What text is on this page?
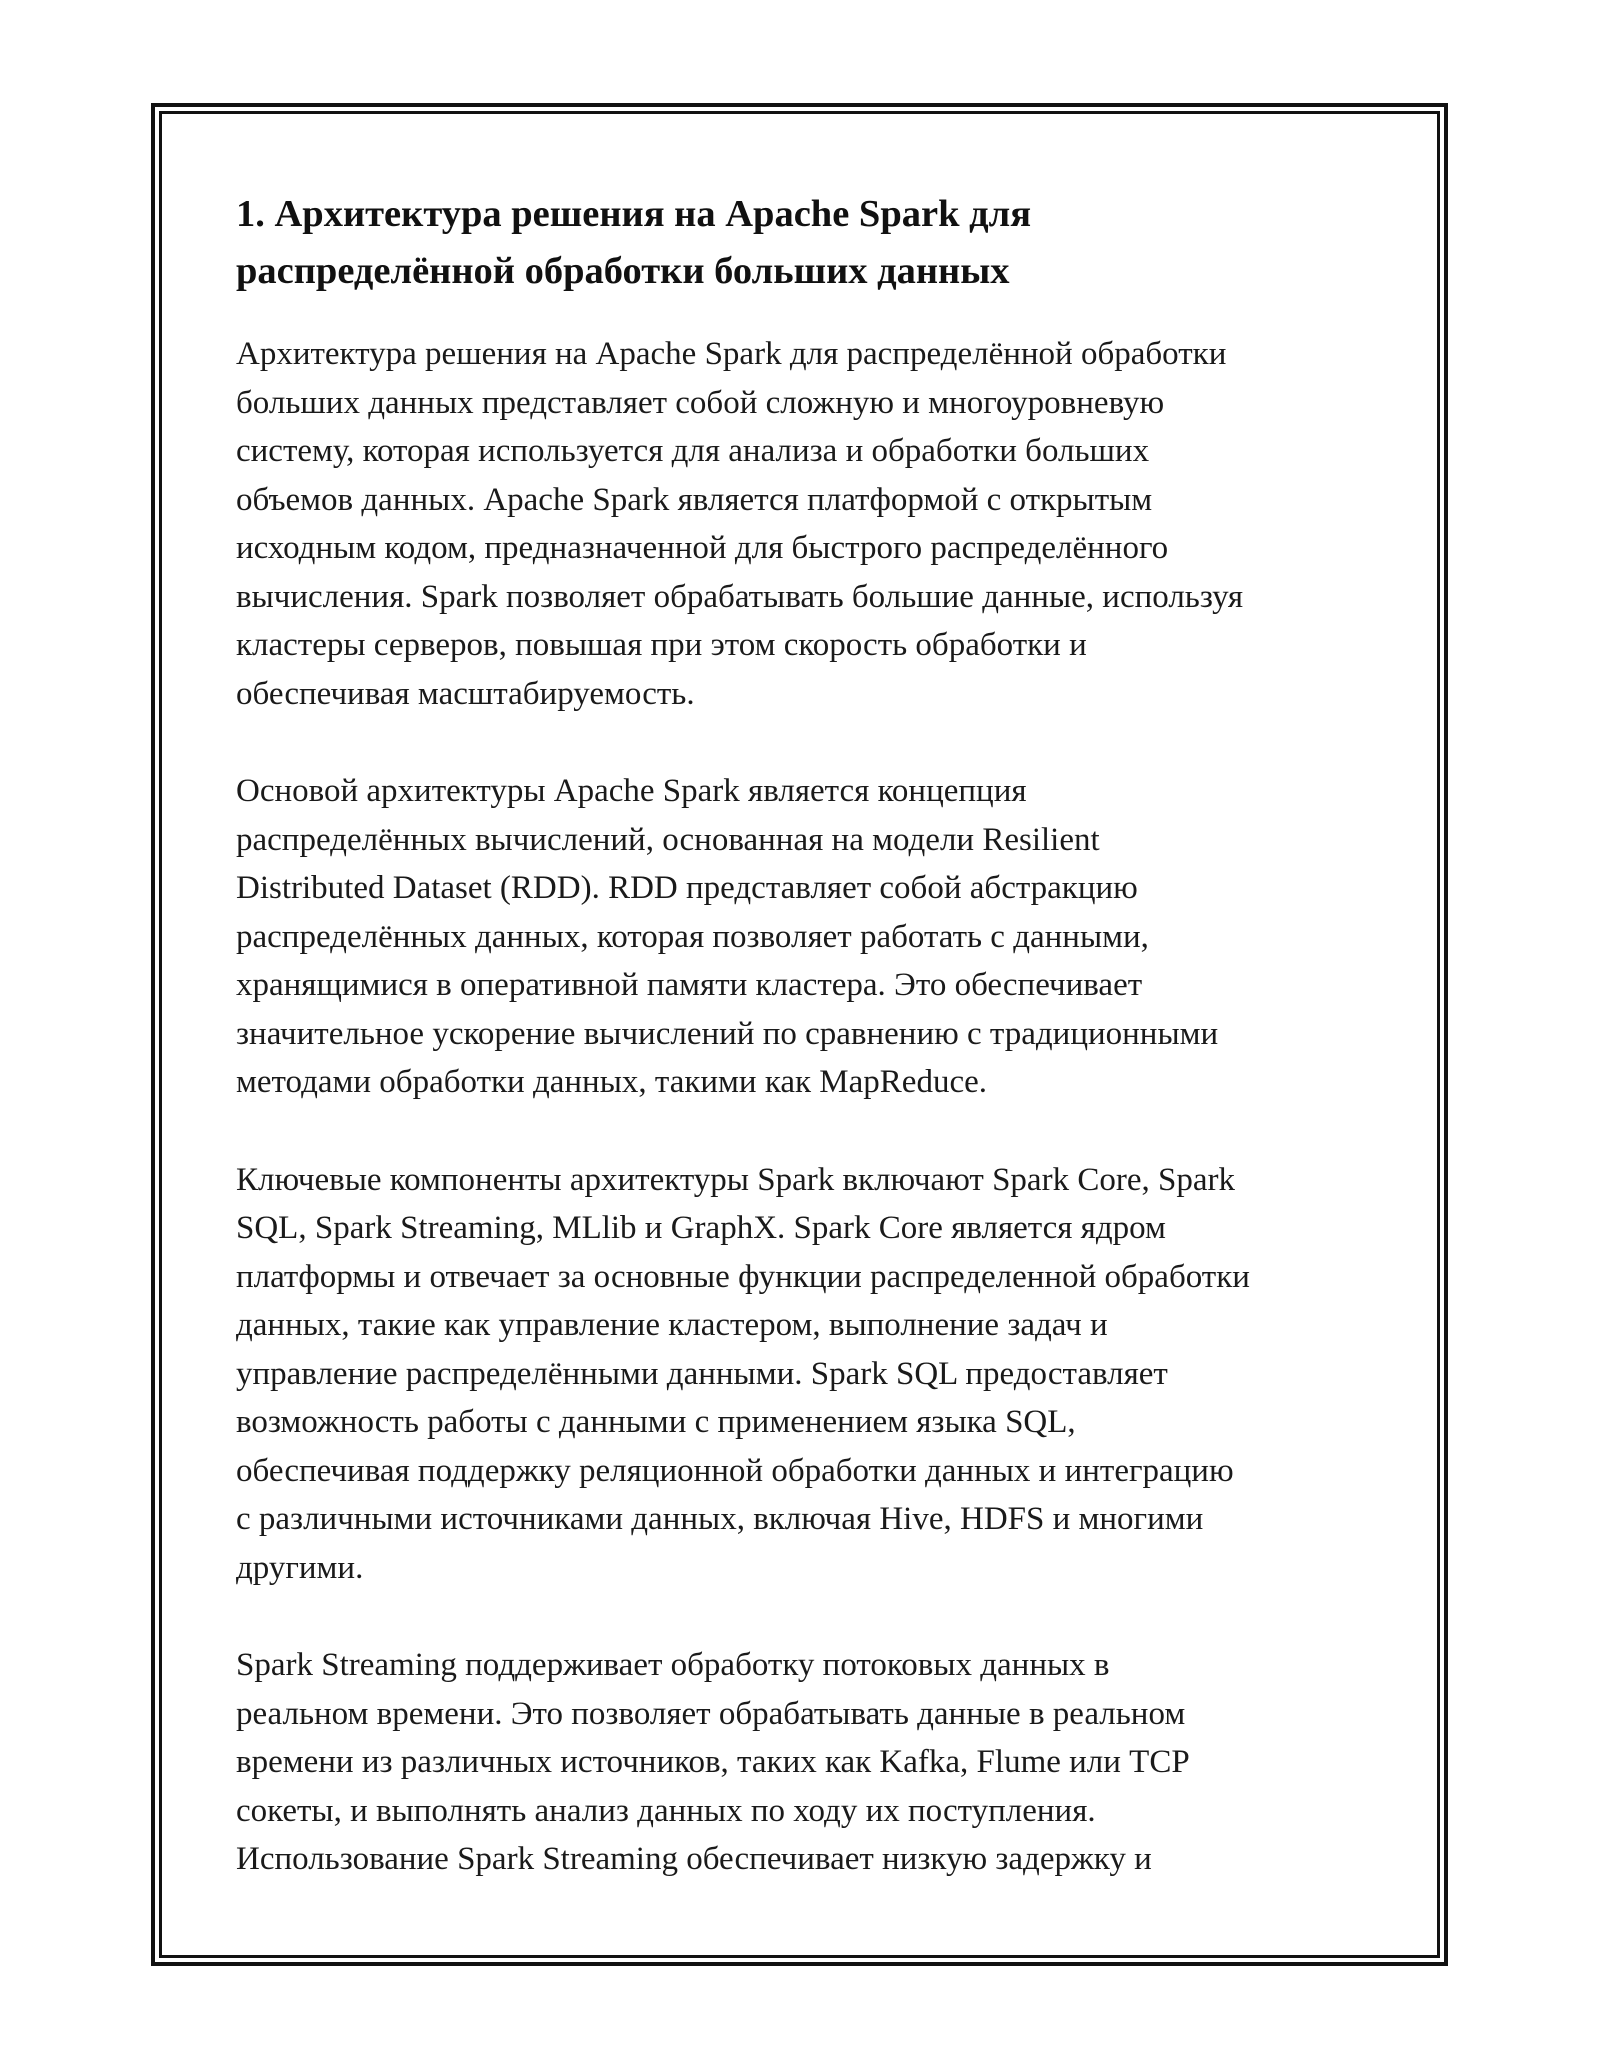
1. Архитектура решения на Apache Spark для
распределённой обработки больших данных

Архитектура решения на Apache Spark для распределённой обработки
больших данных представляет собой сложную и многоуровневую
систему, которая используется для анализа и обработки больших
объемов данных. Apache Spark является платформой с открытым
исходным кодом, предназначенной для быстрого распределённого
вычисления. Spark позволяет обрабатывать большие данные, используя
кластеры серверов, повышая при этом скорость обработки и
обеспечивая масштабируемость.

Основой архитектуры Apache Spark является концепция
распределённых вычислений, основанная на модели Resilient
Distributed Dataset (RDD). RDD представляет собой абстракцию
распределённых данных, которая позволяет работать с данными,
хранящимися в оперативной памяти кластера. Это обеспечивает
значительное ускорение вычислений по сравнению с традиционными
методами обработки данных, такими как MapReduce.

Ключевые компоненты архитектуры Spark включают Spark Core, Spark
SQL, Spark Streaming, MLlib и GraphX. Spark Core является ядром
платформы и отвечает за основные функции распределенной обработки
данных, такие как управление кластером, выполнение задач и
управление распределёнными данными. Spark SQL предоставляет
возможность работы с данными с применением языка SQL,
обеспечивая поддержку реляционной обработки данных и интеграцию
с различными источниками данных, включая Hive, HDFS и многими
другими.

Spark Streaming поддерживает обработку потоковых данных в
реальном времени. Это позволяет обрабатывать данные в реальном
времени из различных источников, таких как Kafka, Flume или TCP
сокеты, и выполнять анализ данных по ходу их поступления.
Использование Spark Streaming обеспечивает низкую задержку и
